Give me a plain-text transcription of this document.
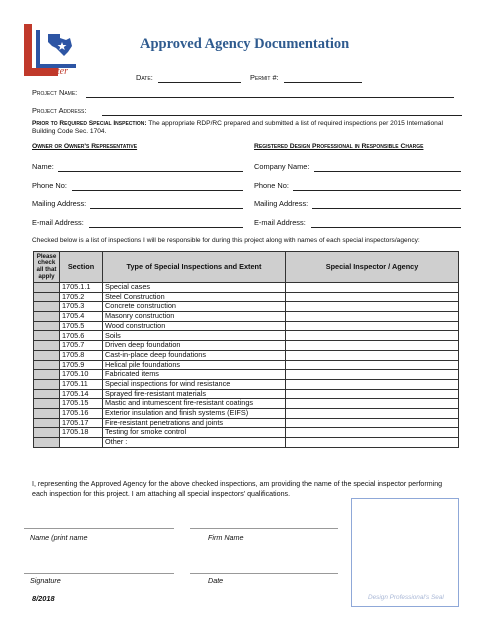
Lancaster
Approved Agency Documentation
Date:	Permit #:
Project Name:
Project Address:
Prior to Required Special Inspection: The appropriate RDP/RC prepared and submitted a list of required inspections per 2015 International Building Code Sec. 1704.
Owner or Owner's Representative	Registered Design Professional in Responsible Charge
Name:
Phone No:
Mailing Address:
E-mail Address:
Company Name:
Phone No:
Mailing Address:
E-mail Address:
Checked below is a list of inspections I will be responsible for during this project along with names of each special inspectors/agency:
Please check all that apply	Section	Type of Special Inspections and Extent	Special Inspector / Agency
	1705.1.1	Special cases	
	1705.2	Steel Construction	
	1705.3	Concrete construction	
	1705.4	Masonry construction	
	1705.5	Wood construction	
	1705.6	Soils	
	1705.7	Driven deep foundation	
	1705.8	Cast-in-place deep foundations	
	1705.9	Helical pile foundations	
	1705.10	Fabricated items	
	1705.11	Special inspections for wind resistance	
	1705.14	Sprayed fire-resistant materials	
	1705.15	Mastic and intumescent fire-resistant coatings	
	1705.16	Exterior insulation and finish systems (EIFS)	
	1705.17	Fire-resistant penetrations and joints	
	1705.18	Testing for smoke control	
		Other :	
I, representing the Approved Agency for the above checked inspections, am providing the name of the special inspector performing each inspection for this project. I am attaching all special inspectors' qualifications.
Name (print name	Firm Name
Signature	Date
Design Professional's Seal
8/2018
